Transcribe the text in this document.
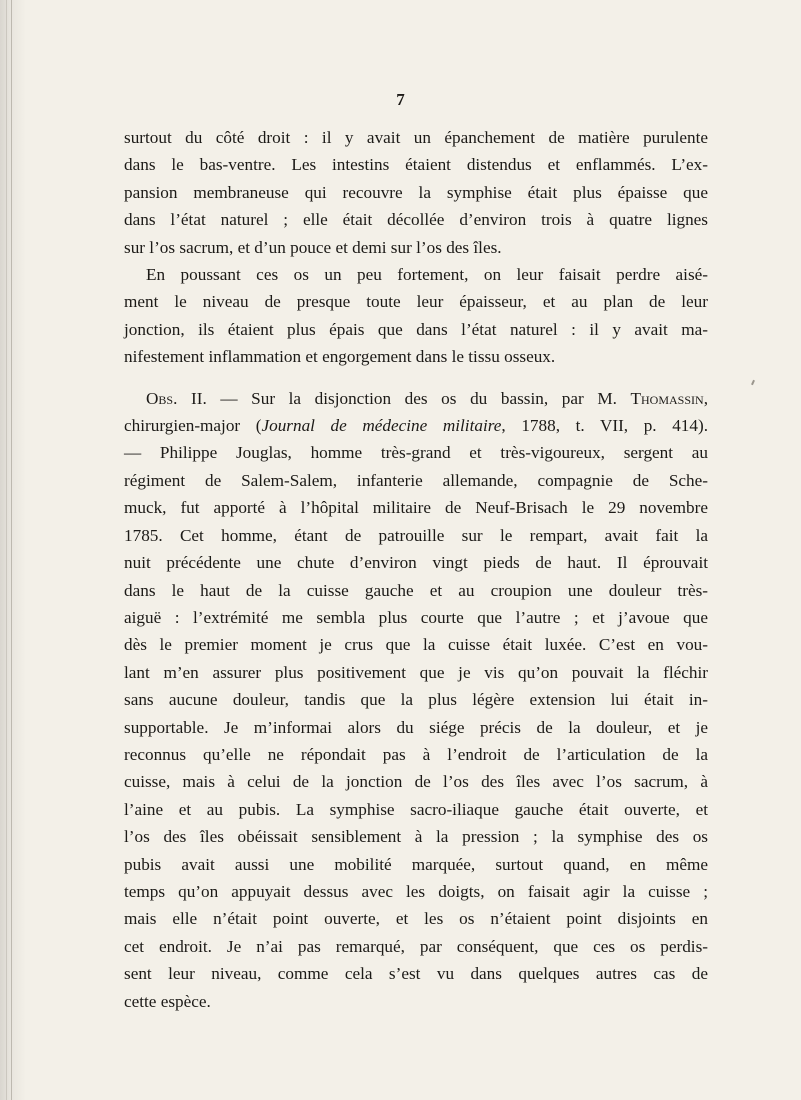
7

surtout du côté droit : il y avait un épanchement de matière purulente

dans le bas-ventre. Les intestins étaient distendus et enflammés. L’ex-

pansion membraneuse qui recouvre la symphise était plus épaisse que

dans l’état naturel ; elle était décollée d’environ trois à quatre lignes

sur l’os sacrum, et d’un pouce et demi sur l’os des îles.

En poussant ces os un peu fortement, on leur faisait perdre aisé-

ment le niveau de presque toute leur épaisseur, et au plan de leur

jonction, ils étaient plus épais que dans l’état naturel : il y avait ma-

nifestement inflammation et engorgement dans le tissu osseux.

Obs. II. — Sur la disjonction des os du bassin, par M. Thomassin,

chirurgien-major (Journal de médecine militaire, 1788, t. VII, p. 414).

— Philippe Jouglas, homme très-grand et très-vigoureux, sergent au

régiment de Salem-Salem, infanterie allemande, compagnie de Sche-

muck, fut apporté à l’hôpital militaire de Neuf-Brisach le 29 novembre

1785. Cet homme, étant de patrouille sur le rempart, avait fait la

nuit précédente une chute d’environ vingt pieds de haut. Il éprouvait

dans le haut de la cuisse gauche et au croupion une douleur très-

aiguë : l’extrémité me sembla plus courte que l’autre ; et j’avoue que

dès le premier moment je crus que la cuisse était luxée. C’est en vou-

lant m’en assurer plus positivement que je vis qu’on pouvait la fléchir

sans aucune douleur, tandis que la plus légère extension lui était in-

supportable. Je m’informai alors du siége précis de la douleur, et je

reconnus qu’elle ne répondait pas à l’endroit de l’articulation de la

cuisse, mais à celui de la jonction de l’os des îles avec l’os sacrum, à

l’aine et au pubis. La symphise sacro-iliaque gauche était ouverte, et

l’os des îles obéissait sensiblement à la pression ; la symphise des os

pubis avait aussi une mobilité marquée, surtout quand, en même

temps qu’on appuyait dessus avec les doigts, on faisait agir la cuisse ;

mais elle n’était point ouverte, et les os n’étaient point disjoints en

cet endroit. Je n’ai pas remarqué, par conséquent, que ces os perdis-

sent leur niveau, comme cela s’est vu dans quelques autres cas de

cette espèce.
